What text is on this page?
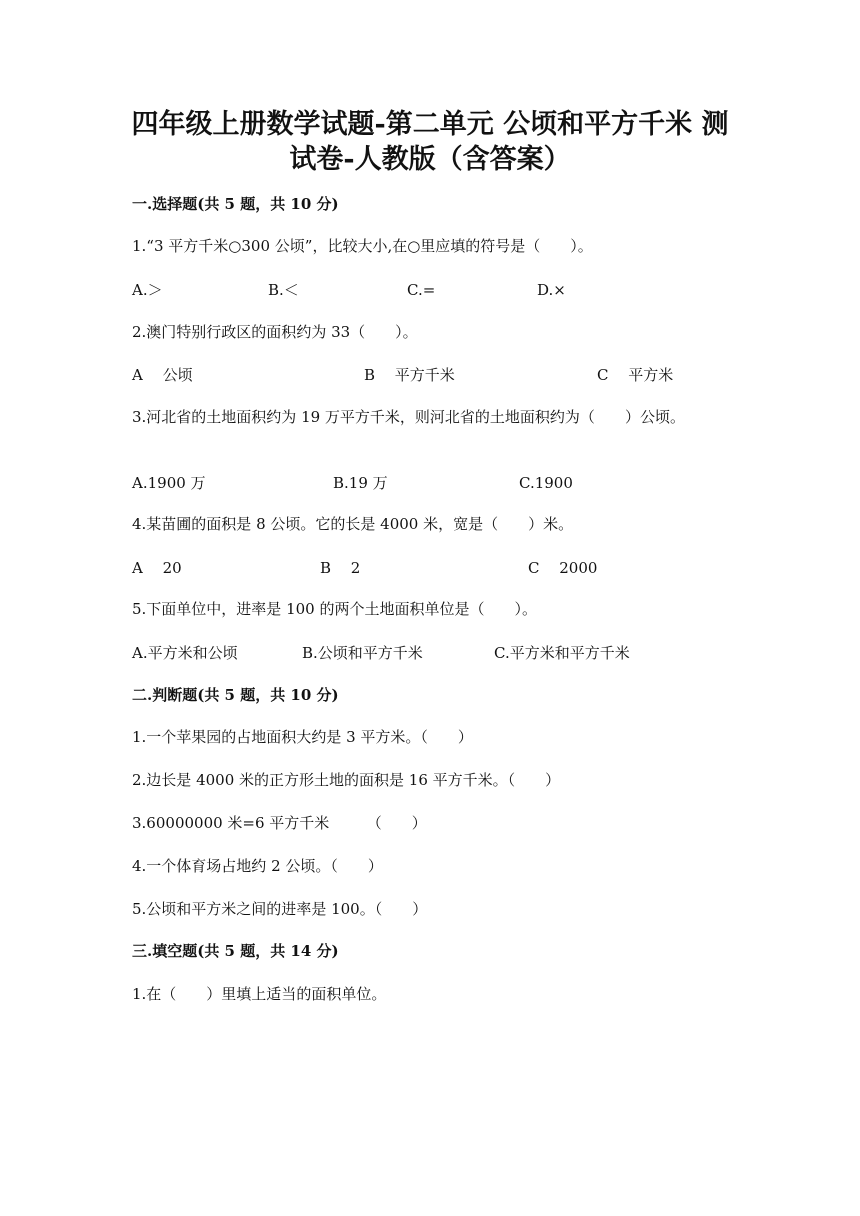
四年级上册数学试题-第二单元 公顷和平方千米 测
试卷-人教版（含答案）
一.选择题(共 5 题，共 10 分)
1.“3 平方千米○300 公顷”，比较大小,在○里应填的符号是（　　）。
A.＞	B.＜	C.=	D.×
2.澳门特别行政区的面积约为 33（　　）。
A　 公顷	B　 平方千米	C　 平方米
3.河北省的土地面积约为 19 万平方千米，则河北省的土地面积约为（　　）公顷。
A.1900 万	B.19 万	C.1900
4.某苗圃的面积是 8 公顷。它的长是 4000 米，宽是（　　）米。
A　 20	B　 2	C　 2000
5.下面单位中，进率是 100 的两个土地面积单位是（　　）。
A.平方米和公顷	B.公顷和平方千米	C.平方米和平方千米
二.判断题(共 5 题，共 10 分)
1.一个苹果园的占地面积大约是 3 平方米。（　　）
2.边长是 4000 米的正方形土地的面积是 16 平方千米。（　　）
3.60000000 米=6 平方千米　　　（　　）
4.一个体育场占地约 2 公顷。（　　）
5.公顷和平方米之间的进率是 100。（　　）
三.填空题(共 5 题，共 14 分)
1.在（　　）里填上适当的面积单位。
